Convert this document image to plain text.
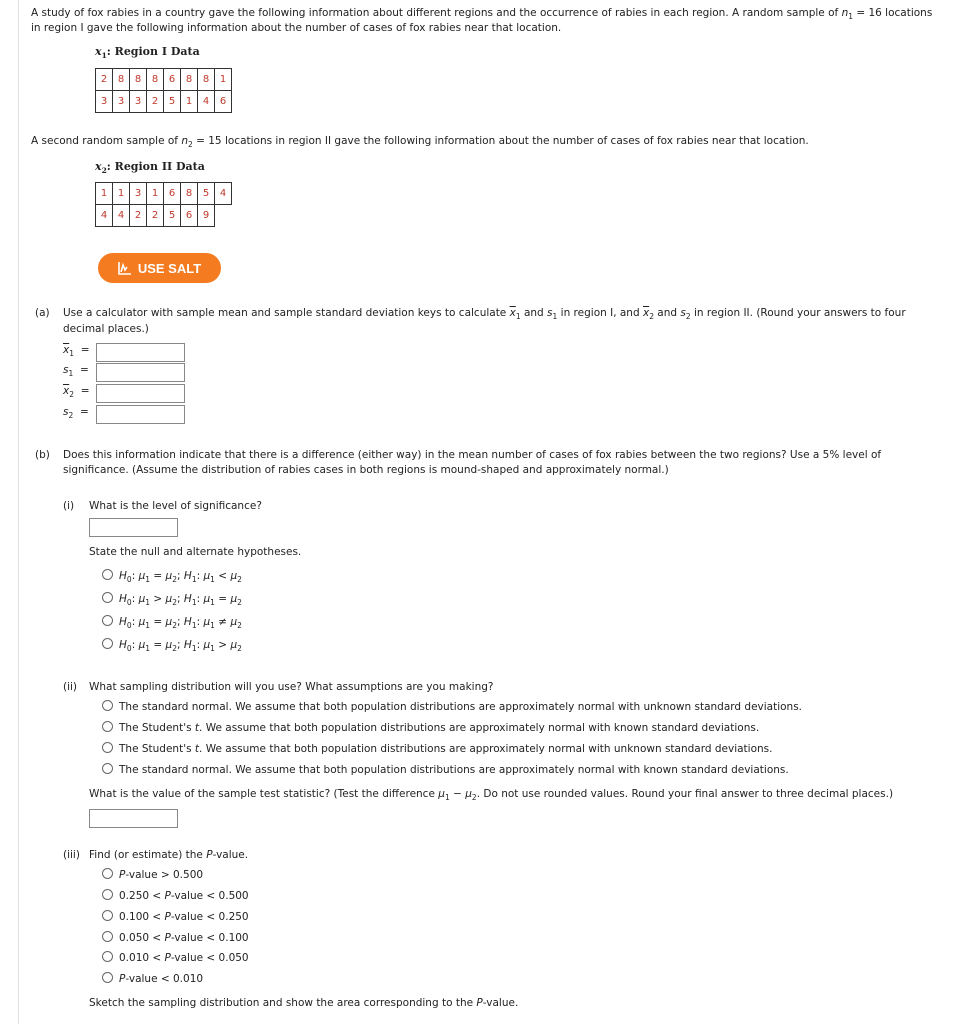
A study of fox rabies in a country gave the following information about different regions and the occurrence of rabies in each region. A random sample of $n_1 = 16$ locations
in region I gave the following information about the number of cases of fox rabies near that location.
$x_1$: Region I Data
2	8	8	8	6	8	8	1
3	3	3	2	5	1	4	6
A second random sample of $n_2 = 15$ locations in region II gave the following information about the number of cases of fox rabies near that location.
$x_2$: Region II Data
1	1	3	1	6	8	5	4
4	4	2	2	5	6	9	
USE SALT
(a) Use a calculator with sample mean and sample standard deviation keys to calculate $\overline{x}_1$ and $s_1$ in region I, and $\overline{x}_2$ and $s_2$ in region II. (Round your answers to four
decimal places.)
$\overline{x}_1$ =
$s_1$ =
$\overline{x}_2$ =
$s_2$ =
(b) Does this information indicate that there is a difference (either way) in the mean number of cases of fox rabies between the two regions? Use a 5% level of
significance. (Assume the distribution of rabies cases in both regions is mound-shaped and approximately normal.)
(i) What is the level of significance?
State the null and alternate hypotheses.
$H_0$: $\mu_1 = \mu_2$; $H_1$: $\mu_1 < \mu_2$
$H_0$: $\mu_1 > \mu_2$; $H_1$: $\mu_1 = \mu_2$
$H_0$: $\mu_1 = \mu_2$; $H_1$: $\mu_1 \ne \mu_2$
$H_0$: $\mu_1 = \mu_2$; $H_1$: $\mu_1 > \mu_2$
(ii) What sampling distribution will you use? What assumptions are you making?
The standard normal. We assume that both population distributions are approximately normal with unknown standard deviations.
The Student's t. We assume that both population distributions are approximately normal with known standard deviations.
The Student's t. We assume that both population distributions are approximately normal with unknown standard deviations.
The standard normal. We assume that both population distributions are approximately normal with known standard deviations.
What is the value of the sample test statistic? (Test the difference $\mu_1 - \mu_2$. Do not use rounded values. Round your final answer to three decimal places.)
(iii) Find (or estimate) the P-value.
P-value > 0.500
0.250 < P-value < 0.500
0.100 < P-value < 0.250
0.050 < P-value < 0.100
0.010 < P-value < 0.050
P-value < 0.010
Sketch the sampling distribution and show the area corresponding to the P-value.
